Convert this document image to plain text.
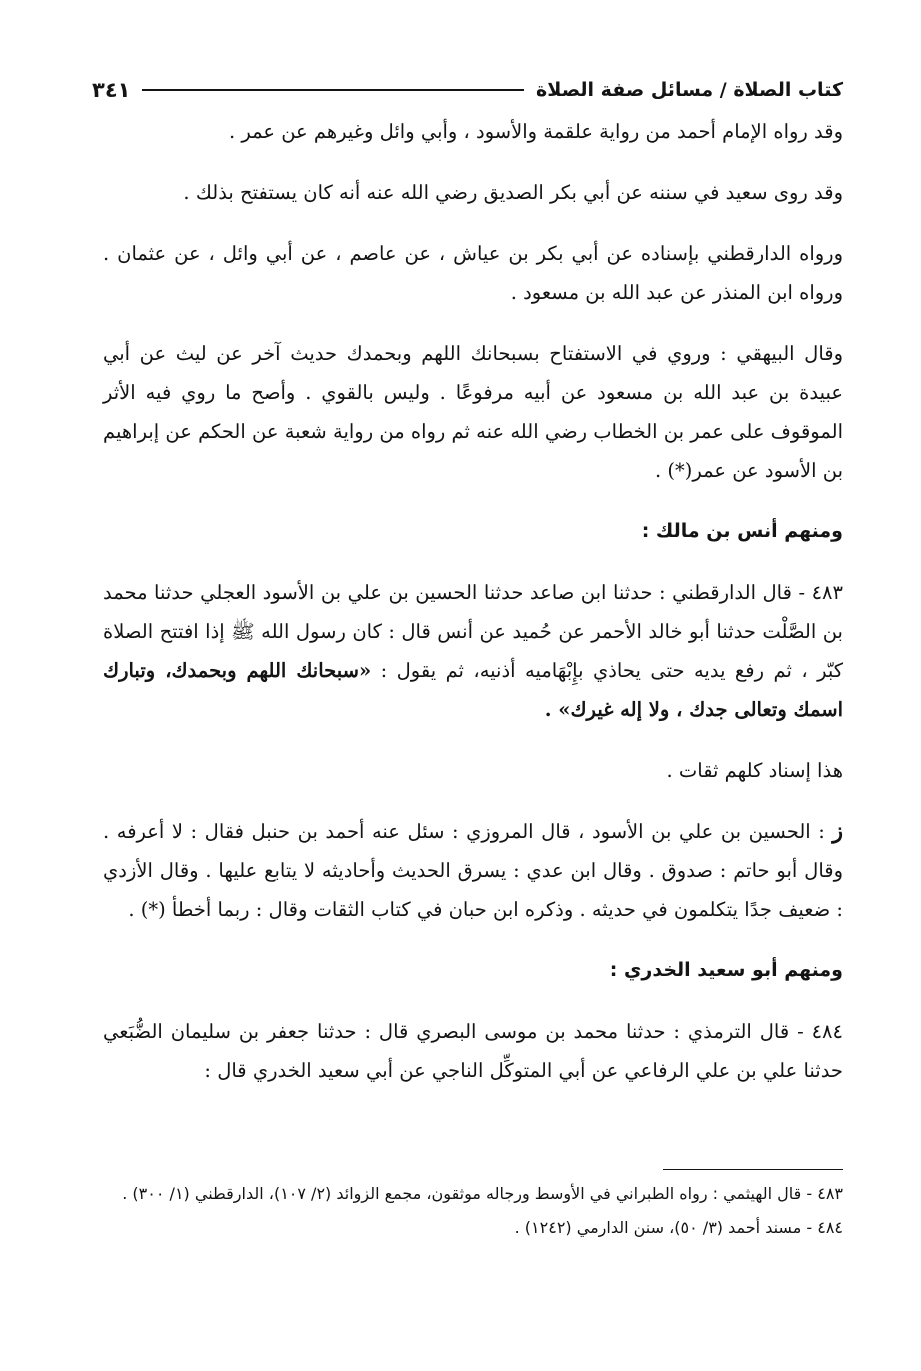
كتاب الصلاة / مسائل صفة الصلاة
٣٤١

وقد رواه الإمام أحمد من رواية علقمة والأسود ، وأبي وائل وغيرهم عن عمر .

وقد روى سعيد في سننه عن أبي بكر الصديق رضي الله عنه أنه كان يستفتح بذلك .

ورواه الدارقطني بإسناده عن أبي بكر بن عياش ، عن عاصم ، عن أبي وائل ، عن عثمان . ورواه ابن المنذر عن عبد الله بن مسعود .

وقال البيهقي : وروي في الاستفتاح بسبحانك اللهم وبحمدك حديث آخر عن ليث عن أبي عبيدة بن عبد الله بن مسعود عن أبيه مرفوعًا . وليس بالقوي . وأصح ما روي فيه الأثر الموقوف على عمر بن الخطاب رضي الله عنه ثم رواه من رواية شعبة عن الحكم عن إبراهيم بن الأسود عن عمر(*) .

ومنهم أنس بن مالك :

٤٨٣ - قال الدارقطني : حدثنا ابن صاعد حدثنا الحسين بن علي بن الأسود العجلي حدثنا محمد بن الصَّلْت حدثنا أبو خالد الأحمر عن حُميد عن أنس قال : كان رسول الله ﷺ إذا افتتح الصلاة كبّر ، ثم رفع يديه حتى يحاذي بإِبْهَاميه أذنيه، ثم يقول : «سبحانك اللهم وبحمدك، وتبارك اسمك وتعالى جدك ، ولا إله غيرك» .

هذا إسناد كلهم ثقات .

ز : الحسين بن علي بن الأسود ، قال المروزي : سئل عنه أحمد بن حنبل فقال : لا أعرفه . وقال أبو حاتم : صدوق . وقال ابن عدي : يسرق الحديث وأحاديثه لا يتابع عليها . وقال الأزدي : ضعيف جدًا يتكلمون في حديثه . وذكره ابن حبان في كتاب الثقات وقال : ربما أخطأ (*) .

ومنهم أبو سعيد الخدري :

٤٨٤ - قال الترمذي : حدثنا محمد بن موسى البصري قال : حدثنا جعفر بن سليمان الضُّبَعي حدثنا علي بن علي الرفاعي عن أبي المتوكِّل الناجي عن أبي سعيد الخدري قال :

٤٨٣ - قال الهيثمي : رواه الطبراني في الأوسط ورجاله موثقون، مجمع الزوائد (٢/ ١٠٧)، الدارقطني (١/ ٣٠٠) .

٤٨٤ - مسند أحمد (٣/ ٥٠)، سنن الدارمي (١٢٤٢) .
